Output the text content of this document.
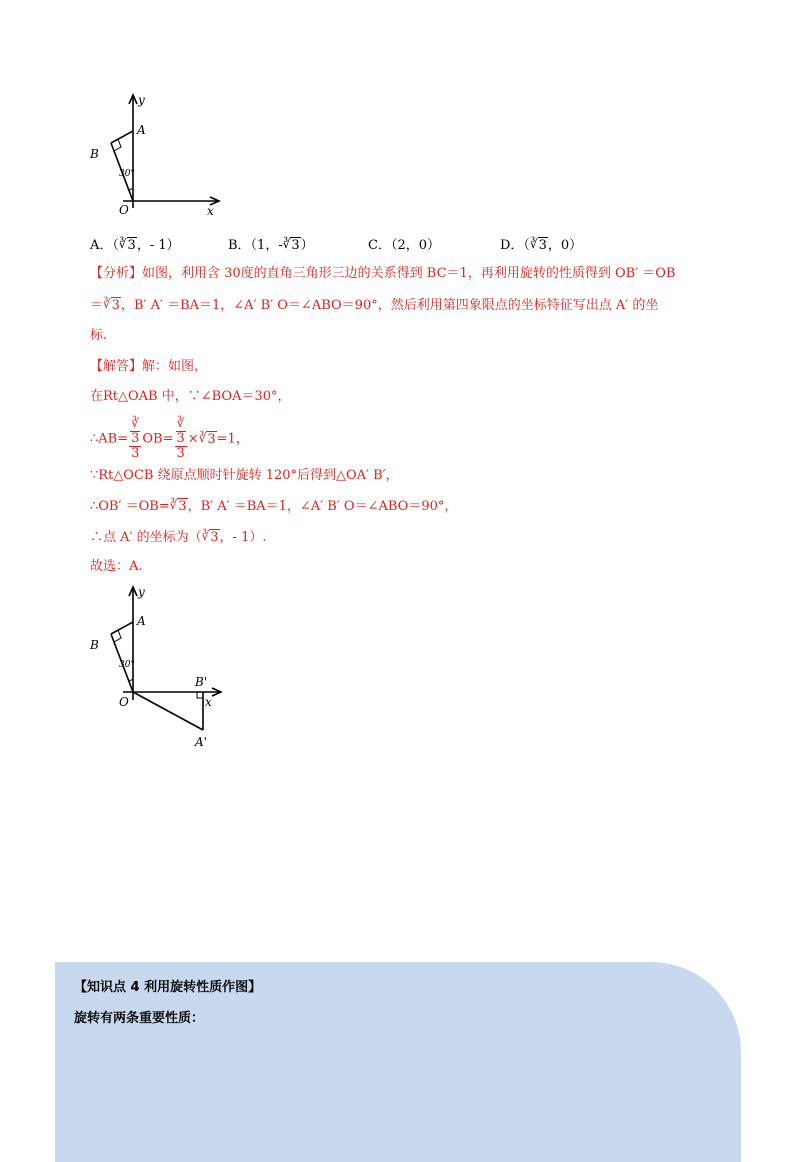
y
x
A
B
O
30°
A．（∛3，- 1）	B．（1，-∛3）	C．（2，0）	D．（∛3，0）
【分析】如图，利用含 30度的直角三角形三边的关系得到 BC＝1，再利用旋转的性质得到 OB′ ＝OB
＝∛3，B′ A′ ＝BA＝1，∠A′ B′ O＝∠ABO＝90°，然后利用第四象限点的坐标特征写出点 A′ 的坐
标.
【解答】解：如图，
在Rt△OAB 中，∵∠BOA＝30°，
∴AB= ∛
3
3 OB= ∛
3
3 ×∛3=1，
∵Rt△OCB 绕原点顺时针旋转 120°后得到△OA′ B′，
∴OB′ ＝OB=∛3，B′ A′ ＝BA＝1，∠A′ B′ O＝∠ABO＝90°，
∴点 A′ 的坐标为（∛3，- 1）.
故选：A.
y
x
A
B
O
30°
B'
A'
【知识点 4 利用旋转性质作图】
旋转有两条重要性质：
